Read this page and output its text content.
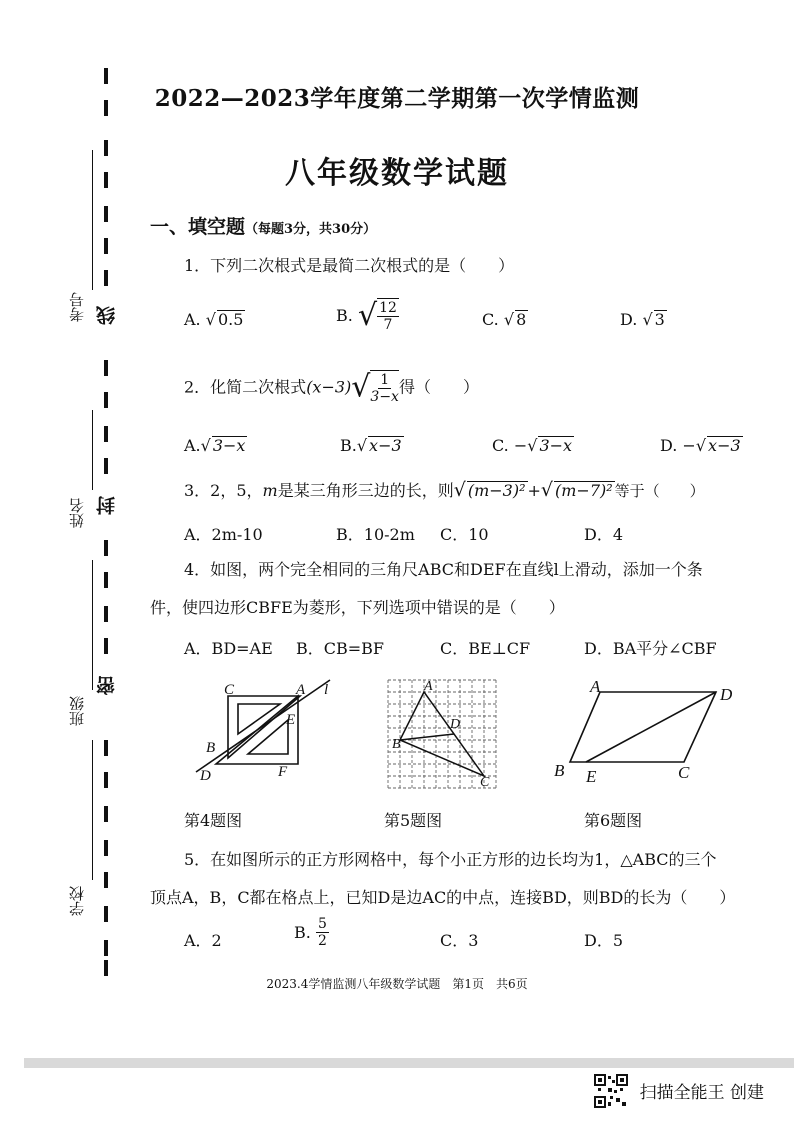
考号 线
姓名 封
班级
密
学校
2022—2023学年度第二学期第一次学情监测
八年级数学试题
一、填空题（每题3分，共30分）
1．下列二次根式是最简二次根式的是（　　）
A. √ 0.5	B. √ $\frac{12}{7}$	C. √ 8	D. √ 3
2．化简二次根式$(x-3)√ \frac{1}{3-x}$ 得（　　）
A.√ 3−x	B.√ x−3	C. −√ 3−x	D. −√ x−3
3．2，5，m是某三角形三边的长，则√ (m−3)² +√ (m−7)² 等于（　　）
A．2m-10	B．10-2m C．10	D．4
4．如图，两个完全相同的三角尺ABC和DEF在直线l上滑动，添加一个条
件，使四边形CBFE为菱形，下列选项中错误的是（　　）
A．BD=AE B．CB=BF	C．BE⊥CF	D．BA平分∠CBF
C	A l
E
B
D	F
A
D
B
C
A	D
B E	C
第4题图	第5题图	第6题图
5．在如图所示的正方形网格中，每个小正方形的边长均为1，△ABC的三个
顶点A，B，C都在格点上，已知D是边AC的中点，连接BD，则BD的长为（　　）
A．2	B. $\frac{5}{2}$	C．3	D．5
2023.4学情监测八年级数学试题　第1页　共6页
扫描全能王 创建
